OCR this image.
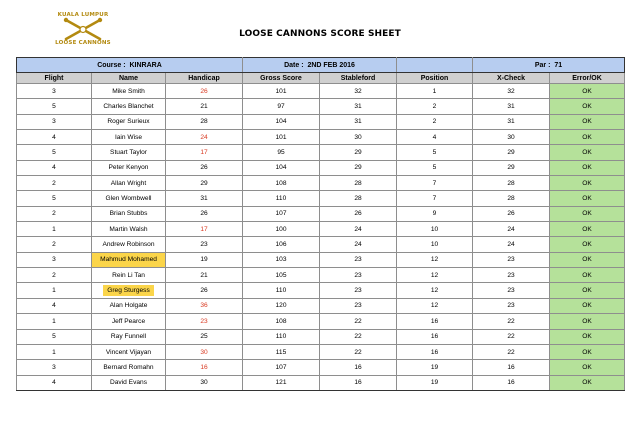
KUALA LUMPUR
LOOSE CANNONS
LOOSE CANNONS SCORE SHEET
Course : KINRARA			Date : 2ND FEB 2016			Par : 71	
Flight	Name	Handicap	Gross Score	Stableford	Position	X-Check	Error/OK
3	Mike Smith	26	101	32	1	32	OK
5	Charles Blanchet	21	97	31	2	31	OK
3	Roger Surieux	28	104	31	2	31	OK
4	Iain Wise	24	101	30	4	30	OK
5	Stuart Taylor	17	95	29	5	29	OK
4	Peter Kenyon	26	104	29	5	29	OK
2	Allan Wright	29	108	28	7	28	OK
5	Glen Wombwell	31	110	28	7	28	OK
2	Brian Stubbs	26	107	26	9	26	OK
1	Martin Walsh	17	100	24	10	24	OK
2	Andrew Robinson	23	106	24	10	24	OK
3	Mahmud Mohamed	19	103	23	12	23	OK
2	Rein Li Tan	21	105	23	12	23	OK
1	Greg Sturgess	26	110	23	12	23	OK
4	Alan Holgate	36	120	23	12	23	OK
1	Jeff Pearce	23	108	22	16	22	OK
5	Ray Funnell	25	110	22	16	22	OK
1	Vincent Vijayan	30	115	22	16	22	OK
3	Bernard Romahn	16	107	16	19	16	OK
4	David Evans	30	121	16	19	16	OK
